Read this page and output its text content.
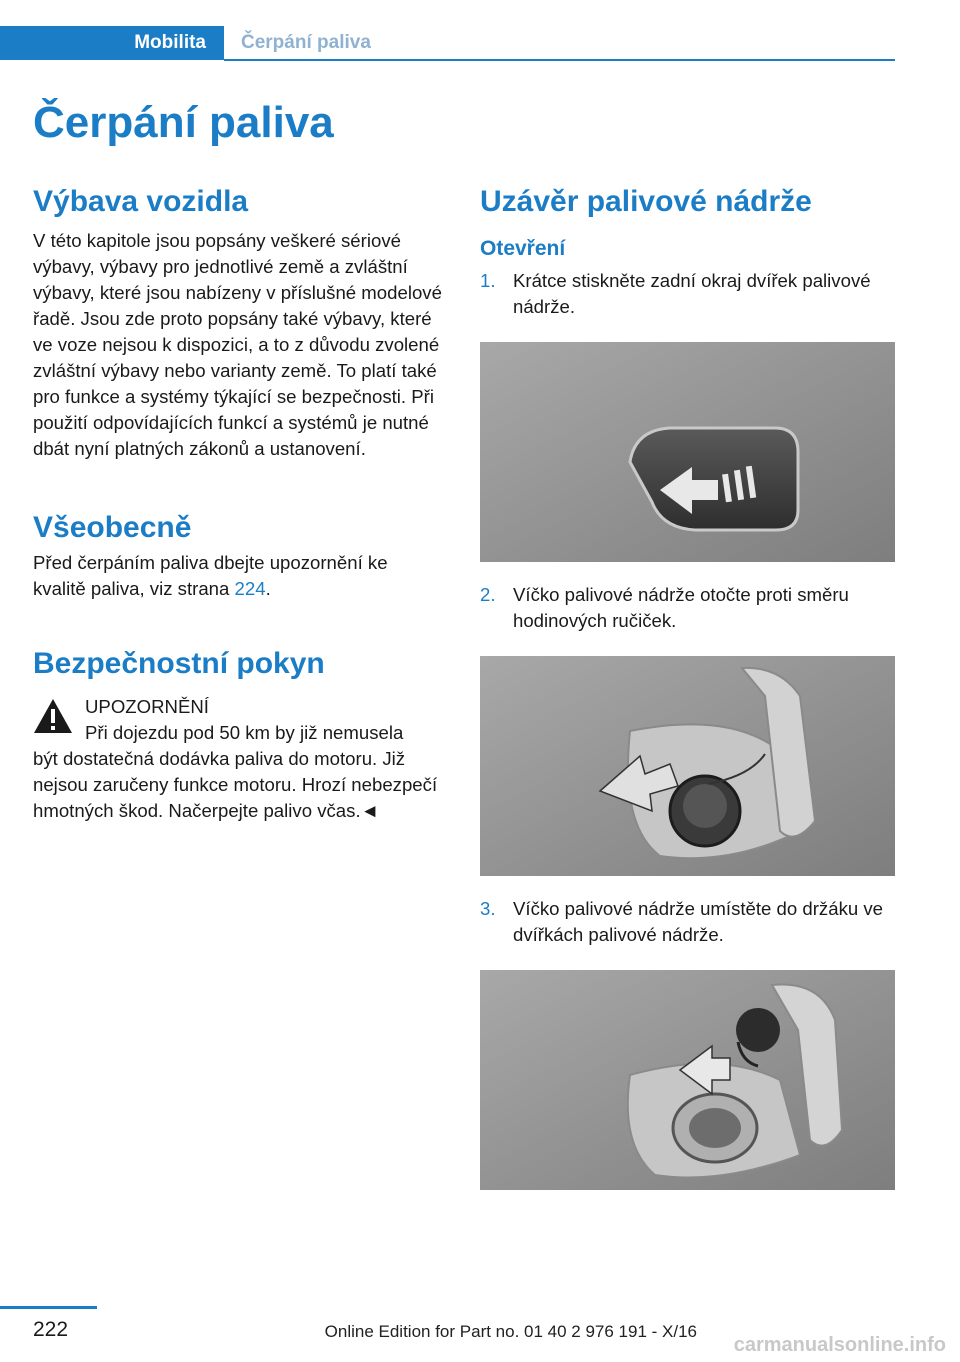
Mobilita	Čerpání paliva
Čerpání paliva
Výbava vozidla

V této kapitole jsou popsány veškeré sériové výbavy, výbavy pro jednotlivé země a zvláštní výbavy, které jsou nabízeny v příslušné modelové řadě. Jsou zde proto popsány také výbavy, které ve voze nejsou k dispozici, a to z důvodu zvolené zvláštní výbavy nebo varianty země. To platí také pro funkce a systémy týkající se bezpečnosti. Při použití odpovídajících funkcí a systémů je nutné dbát nyní platných zákonů a ustanovení.

Všeobecně

Před čerpáním paliva dbejte upozornění ke kvalitě paliva, viz strana 224.

Bezpečnostní pokyn
UPOZORNĚNÍ
Při dojezdu pod 50 km by již nemusela
být dostatečná dodávka paliva do motoru. Již nejsou zaručeny funkce motoru. Hrozí nebezpečí hmotných škod. Načerpejte palivo včas.◄
Uzávěr palivové nádrže
Otevření
1. Krátce stiskněte zadní okraj dvířek palivové nádrže.
2. Víčko palivové nádrže otočte proti směru hodinových ručiček.
3. Víčko palivové nádrže umístěte do držáku ve dvířkách palivové nádrže.
222	Online Edition for Part no. 01 40 2 976 191 - X/16
carmanualsonline.info
